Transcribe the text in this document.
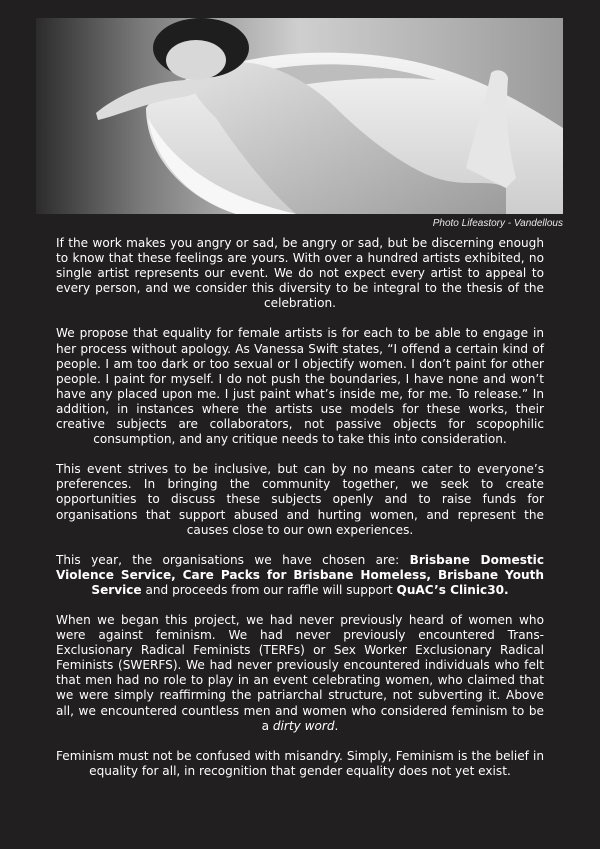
Photo Lifeastory - Vandellous

If the work makes you angry or sad, be angry or sad, but be discerning enough to know that these feelings are yours. With over a hundred artists exhibited, no single artist represents our event. We do not expect every artist to appeal to every person, and we consider this diversity to be integral to the thesis of the celebration.

We propose that equality for female artists is for each to be able to engage in her process without apology. As Vanessa Swift states, “I offend a certain kind of people. I am too dark or too sexual or I objectify women. I don’t paint for other people. I paint for myself. I do not push the boundaries, I have none and won’t have any placed upon me. I just paint what’s inside me, for me. To release.” In addition, in instances where the artists use models for these works, their creative subjects are collaborators, not passive objects for scopophilic consumption, and any critique needs to take this into consideration.

This event strives to be inclusive, but can by no means cater to everyone’s preferences. In bringing the community together, we seek to create opportunities to discuss these subjects openly and to raise funds for organisations that support abused and hurting women, and represent the causes close to our own experiences.

This year, the organisations we have chosen are: Brisbane Domestic Violence Service, Care Packs for Brisbane Homeless, Brisbane Youth Service and proceeds from our raffle will support QuAC’s Clinic30.

When we began this project, we had never previously heard of women who were against feminism. We had never previously encountered Trans-Exclusionary Radical Feminists (TERFs) or Sex Worker Exclusionary Radical Feminists (SWERFS). We had never previously encountered individuals who felt that men had no role to play in an event celebrating women, who claimed that we were simply reaffirming the patriarchal structure, not subverting it. Above all, we encountered countless men and women who considered feminism to be a dirty word.

Feminism must not be confused with misandry. Simply, Feminism is the belief in equality for all, in recognition that gender equality does not yet exist.
